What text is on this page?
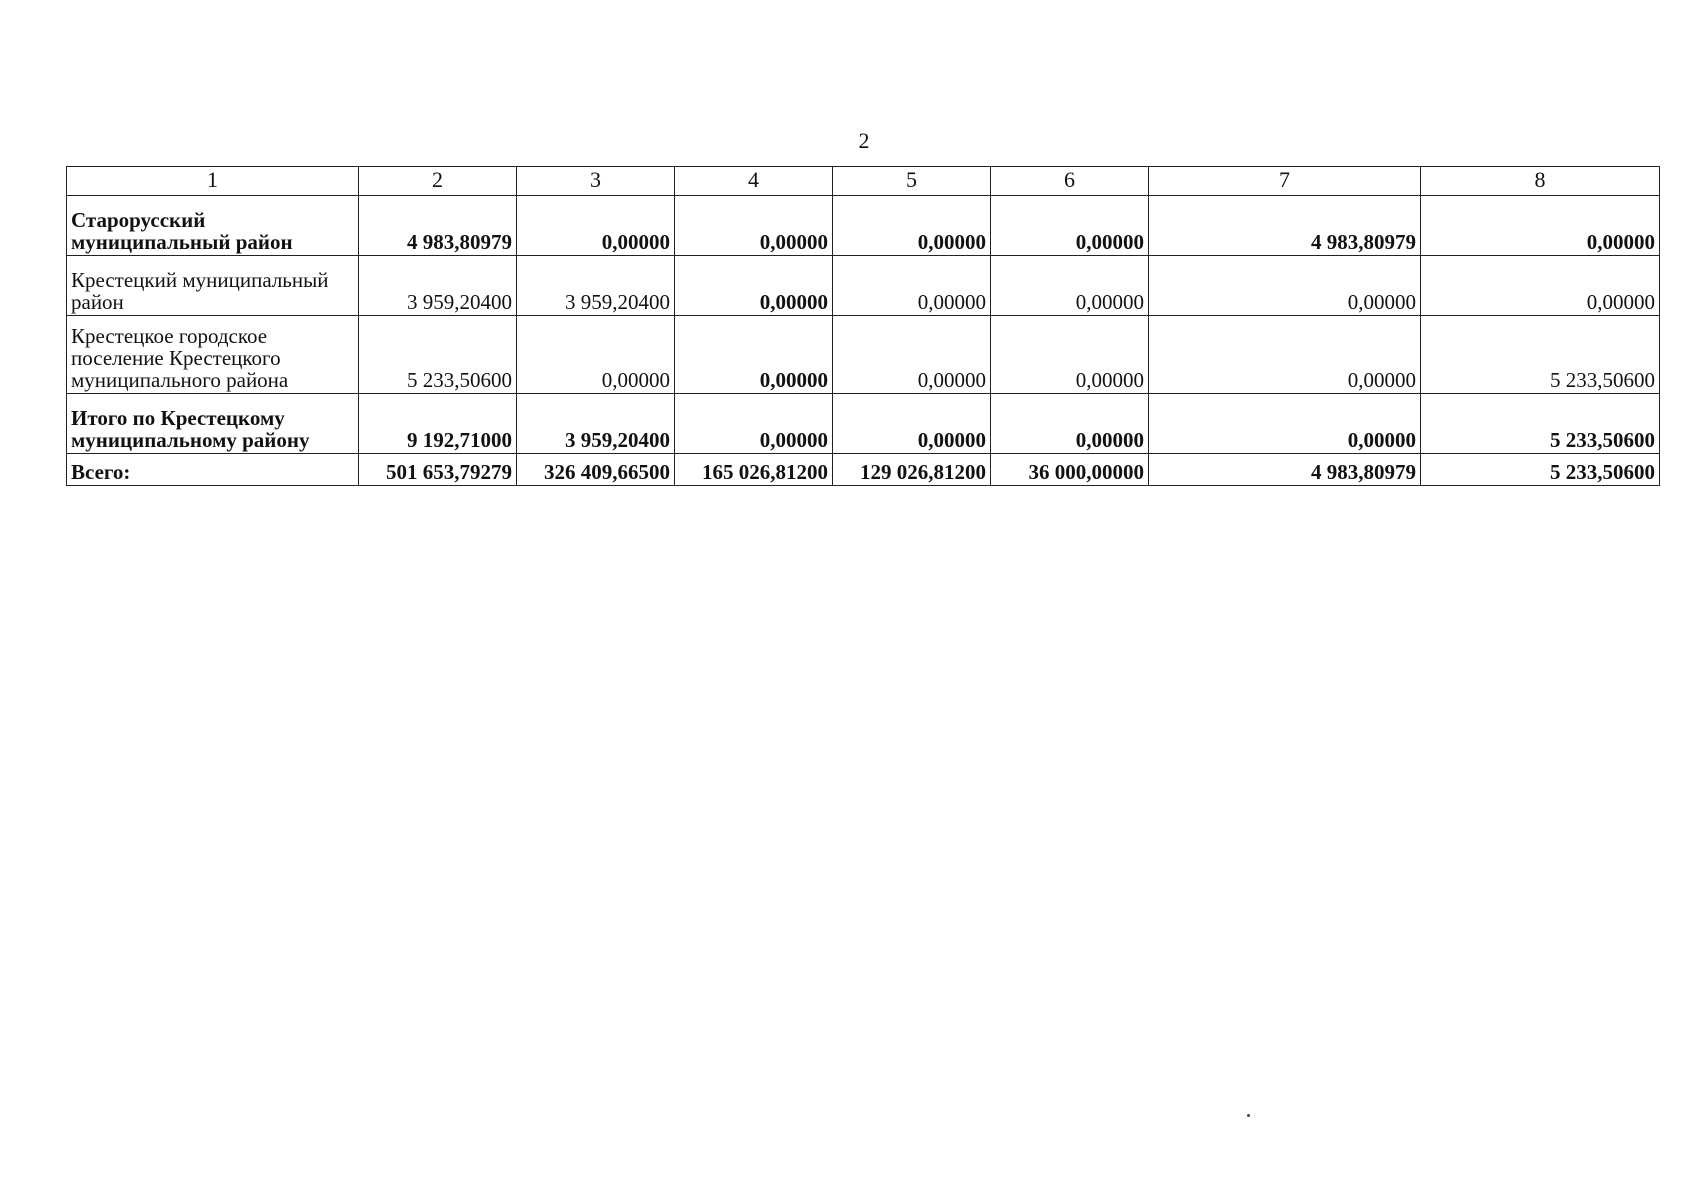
2
1	2	3	4	5	6	7	8
Старорусский муниципальный район	4 983,80979	0,00000	0,00000	0,00000	0,00000	4 983,80979	0,00000
Крестецкий муниципальный район	3 959,20400	3 959,20400	0,00000	0,00000	0,00000	0,00000	0,00000
Крестецкое городское поселение Крестецкого муниципального района	5 233,50600	0,00000	0,00000	0,00000	0,00000	0,00000	5 233,50600
Итого по Крестецкому муниципальному району	9 192,71000	3 959,20400	0,00000	0,00000	0,00000	0,00000	5 233,50600
Всего:	501 653,79279	326 409,66500	165 026,81200	129 026,81200	36 000,00000	4 983,80979	5 233,50600
